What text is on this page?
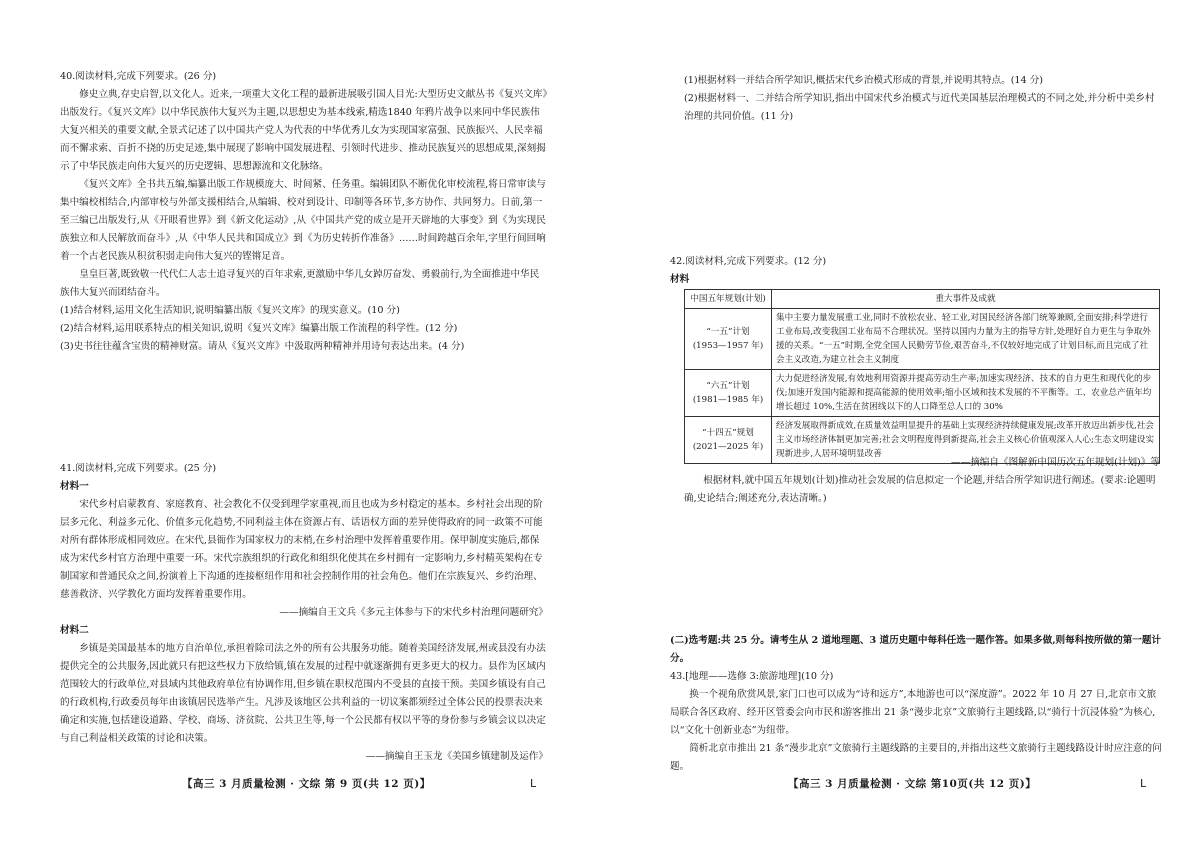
40.阅读材料,完成下列要求。(26 分)

修史立典,存史启智,以文化人。近来,一项重大文化工程的最新进展吸引国人目光:大型历史文献丛书《复兴文库》出版发行。《复兴文库》以中华民族伟大复兴为主题,以思想史为基本线索,精选1840 年鸦片战争以来同中华民族伟大复兴相关的重要文献,全景式记述了以中国共产党人为代表的中华优秀儿女为实现国家富强、民族振兴、人民幸福而不懈求索、百折不挠的历史足迹,集中展现了影响中国发展进程、引领时代进步、推动民族复兴的思想成果,深刻揭示了中华民族走向伟大复兴的历史逻辑、思想源流和文化脉络。

《复兴文库》全书共五编,编纂出版工作规模庞大、时间紧、任务重。编辑团队不断优化审校流程,将日常审读与集中编校相结合,内部审校与外部支援相结合,从编辑、校对到设计、印制等各环节,多方协作、共同努力。日前,第一至三编已出版发行,从《开眼看世界》到《新文化运动》,从《中国共产党的成立是开天辟地的大事变》到《为实现民族独立和人民解放而奋斗》,从《中华人民共和国成立》到《为历史转折作准备》……时间跨越百余年,字里行间回响着一个古老民族从积贫积弱走向伟大复兴的铿锵足音。

皇皇巨著,既致敬一代代仁人志士追寻复兴的百年求索,更激励中华儿女踔厉奋发、勇毅前行,为全面推进中华民族伟大复兴而团结奋斗。

(1)结合材料,运用文化生活知识,说明编纂出版《复兴文库》的现实意义。(10 分)

(2)结合材料,运用联系特点的相关知识,说明《复兴文库》编纂出版工作流程的科学性。(12 分)

(3)史书往往蕴含宝贵的精神财富。请从《复兴文库》中汲取两种精神并用诗句表达出来。(4 分)

41.阅读材料,完成下列要求。(25 分)

材料一

宋代乡村启蒙教育、家庭教育、社会教化不仅受到理学家重视,而且也成为乡村稳定的基本。乡村社会出现的阶层多元化、利益多元化、价值多元化趋势,不同利益主体在资源占有、话语权方面的差异使得政府的同一政策不可能对所有群体形成相同效应。在宋代,县衙作为国家权力的末梢,在乡村治理中发挥着重要作用。保甲制度实施后,都保成为宋代乡村官方治理中重要一环。宋代宗族组织的行政化和组织化使其在乡村拥有一定影响力,乡村精英架构在专制国家和普通民众之间,扮演着上下沟通的连接枢纽作用和社会控制作用的社会角色。他们在宗族复兴、乡约治理、慈善救济、兴学教化方面均发挥着重要作用。

——摘编自王文兵《多元主体参与下的宋代乡村治理问题研究》

材料二

乡镇是美国最基本的地方自治单位,承担着除司法之外的所有公共服务功能。随着美国经济发展,州或县没有办法提供完全的公共服务,因此就只有把这些权力下放给镇,镇在发展的过程中就逐渐拥有更多更大的权力。县作为区域内范围较大的行政单位,对县域内其他政府单位有协调作用,但乡镇在职权范围内不受县的直接干预。美国乡镇设有自己的行政机构,行政委员每年由该镇居民选举产生。凡涉及该地区公共利益的一切议案都须经过全体公民的投票表决来确定和实施,包括建设道路、学校、商场、济贫院、公共卫生等,每一个公民都有权以平等的身份参与乡镇会议以决定与自己利益相关政策的讨论和决策。

——摘编自王玉龙《美国乡镇建制及运作》

【高三 3 月质量检测 · 文综 第 9 页(共 12 页)】	L

(1)根据材料一并结合所学知识,概括宋代乡治模式形成的背景,并说明其特点。(14 分)

(2)根据材料一、二并结合所学知识,指出中国宋代乡治模式与近代美国基层治理模式的不同之处,并分析中美乡村治理的共同价值。(11 分)

42.阅读材料,完成下列要求。(12 分)

材料

中国五年规划(计划)	重大事件及成就

“一五”计划
(1953—1957 年)	集中主要力量发展重工业,同时不放松农业、轻工业,对国民经济各部门统筹兼顾,全面安排;科学进行工业布局,改变我国工业布局不合理状况。坚持以国内力量为主的指导方针,处理好自力更生与争取外援的关系。“一五”时期,全党全国人民勤劳节俭,艰苦奋斗,不仅较好地完成了计划目标,而且完成了社会主义改造,为建立社会主义制度

“六五”计划
(1981—1985 年)	大力促进经济发展,有效地利用资源并提高劳动生产率;加速实现经济、技术的自力更生和现代化的步伐;加速开发国内能源和提高能源的使用效率;缩小区域和技术发展的不平衡等。工、农业总产值年均增长超过 10%,生活在贫困线以下的人口降至总人口的 30%

“十四五”规划
(2021—2025 年)	经济发展取得新成效,在质量效益明显提升的基础上实现经济持续健康发展;改革开放迈出新步伐,社会主义市场经济体制更加完善;社会文明程度得到新提高,社会主义核心价值观深入人心;生态文明建设实现新进步,人居环境明显改善

——摘编自《图解新中国历次五年规划(计划)》等

根据材料,就中国五年规划(计划)推动社会发展的信息拟定一个论题,并结合所学知识进行阐述。(要求:论题明确,史论结合;阐述充分,表达清晰。)

(二)选考题:共 25 分。请考生从 2 道地理题、3 道历史题中每科任选一题作答。如果多做,则每科按所做的第一题计分。

43.[地理——选修 3:旅游地理](10 分)

换一个视角欣赏风景,家门口也可以成为“诗和远方”,本地游也可以“深度游”。2022 年 10 月 27 日,北京市文旅局联合各区政府、经开区管委会向市民和游客推出 21 条“漫步北京”文旅骑行主题线路,以“骑行十沉浸体验”为核心,以“文化十创新业态”为纽带。

简析北京市推出 21 条“漫步北京”文旅骑行主题线路的主要目的,并指出这些文旅骑行主题线路设计时应注意的问题。

【高三 3 月质量检测 · 文综 第10页(共 12 页)】	L
